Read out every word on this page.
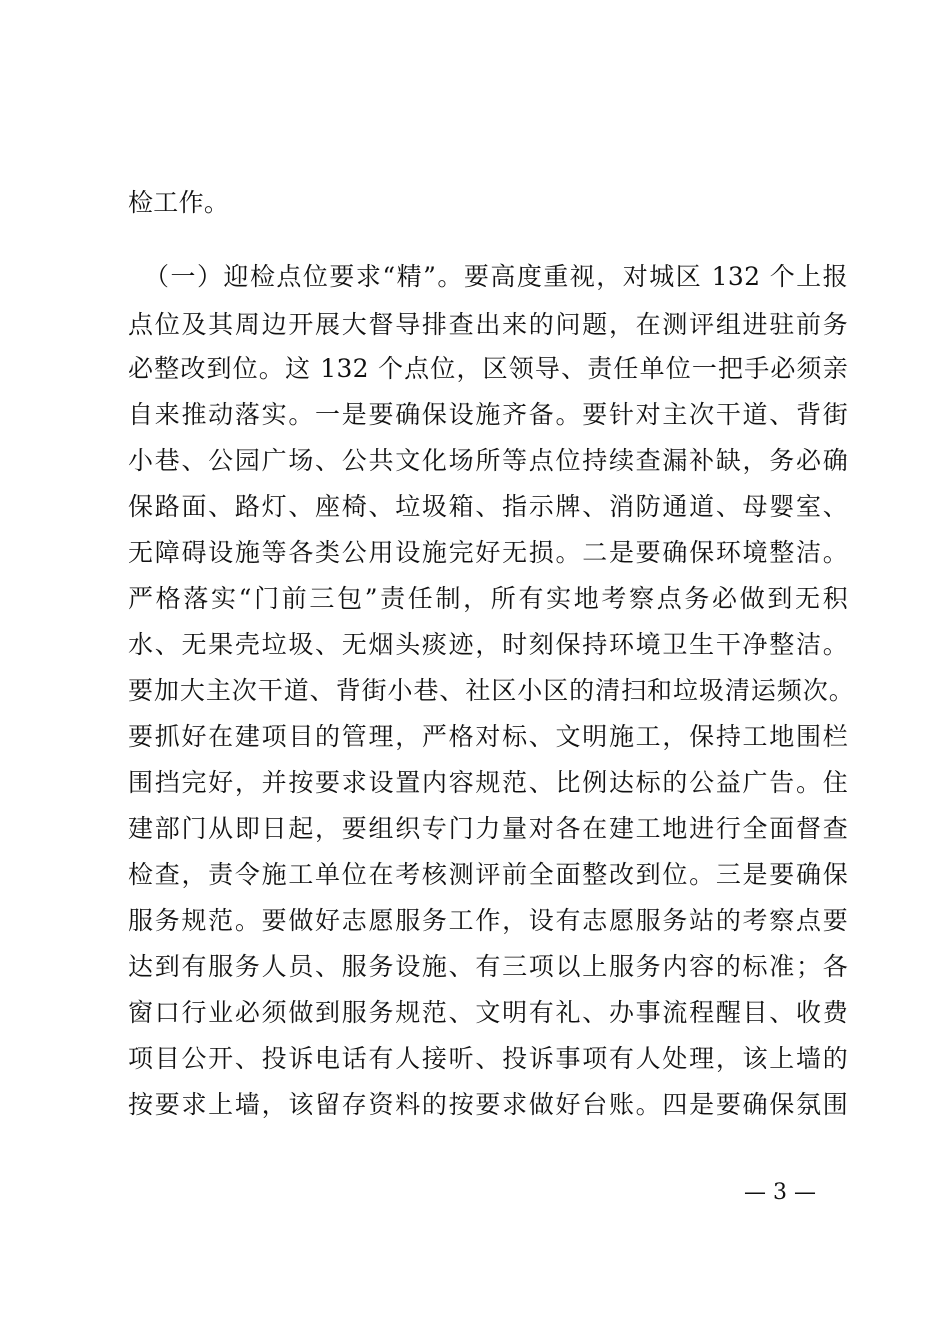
检工作。
（一）迎检点位要求“精”。要高度重视，对城区 132 个上报
点位及其周边开展大督导排查出来的问题，在测评组进驻前务
必整改到位。这 132 个点位，区领导、责任单位一把手必须亲
自来推动落实。一是要确保设施齐备。要针对主次干道、背街
小巷、公园广场、公共文化场所等点位持续查漏补缺，务必确
保路面、路灯、座椅、垃圾箱、指示牌、消防通道、母婴室、
无障碍设施等各类公用设施完好无损。二是要确保环境整洁。
严格落实“门前三包”责任制，所有实地考察点务必做到无积
水、无果壳垃圾、无烟头痰迹，时刻保持环境卫生干净整洁。
要加大主次干道、背街小巷、社区小区的清扫和垃圾清运频次。
要抓好在建项目的管理，严格对标、文明施工，保持工地围栏
围挡完好，并按要求设置内容规范、比例达标的公益广告。住
建部门从即日起，要组织专门力量对各在建工地进行全面督查
检查，责令施工单位在考核测评前全面整改到位。三是要确保
服务规范。要做好志愿服务工作，设有志愿服务站的考察点要
达到有服务人员、服务设施、有三项以上服务内容的标准；各
窗口行业必须做到服务规范、文明有礼、办事流程醒目、收费
项目公开、投诉电话有人接听、投诉事项有人处理，该上墙的
按要求上墙，该留存资料的按要求做好台账。四是要确保氛围
— 3 —
